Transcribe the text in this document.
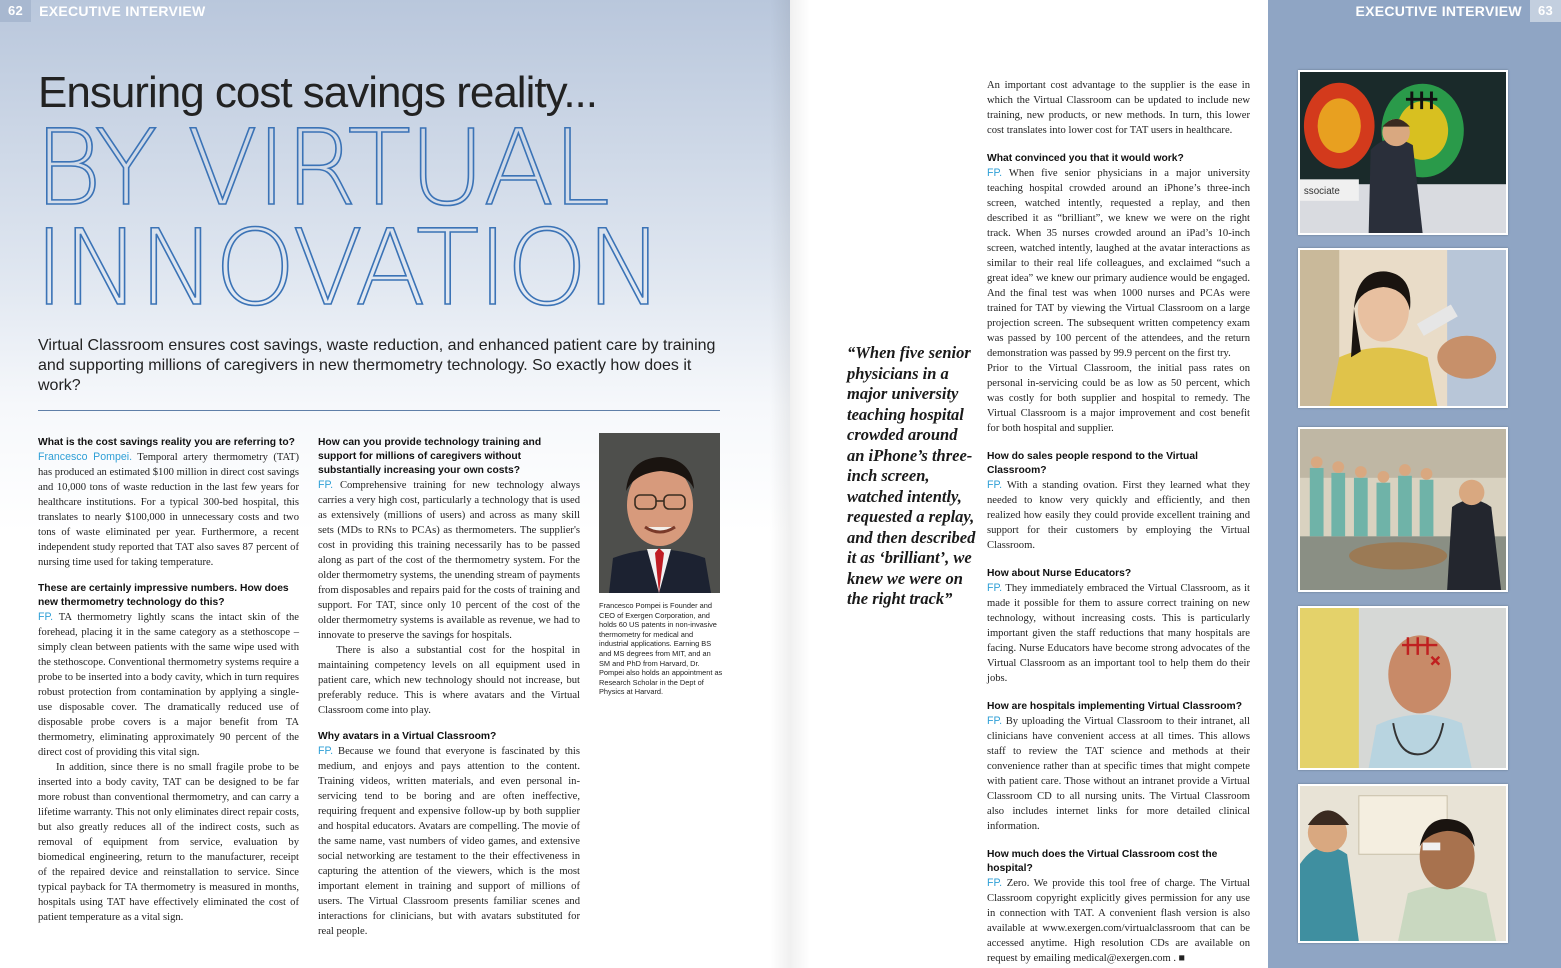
62	EXECUTIVE INTERVIEW	EXECUTIVE INTERVIEW	63
Ensuring cost savings reality...
BY VIRTUAL
INNOVATION
Virtual Classroom ensures cost savings, waste reduction, and enhanced patient care by training and supporting millions of caregivers in new thermometry technology. So exactly how does it work?

What is the cost savings reality you are referring to?

Francesco Pompei. Temporal artery thermometry (TAT) has produced an estimated $100 million in direct cost savings and 10,000 tons of waste reduction in the last few years for healthcare institutions. For a typical 300-bed hospital, this translates to nearly $100,000 in unnecessary costs and two tons of waste eliminated per year. Furthermore, a recent independent study reported that TAT also saves 87 percent of nursing time used for taking temperature.

These are certainly impressive numbers. How does new thermometry technology do this?

FP. TA thermometry lightly scans the intact skin of the forehead, placing it in the same category as a stethoscope – simply clean between patients with the same wipe used with the stethoscope. Conventional thermometry systems require a probe to be inserted into a body cavity, which in turn requires robust protection from contamination by applying a single-use disposable cover. The dramatically reduced use of disposable probe covers is a major benefit from TA thermometry, eliminating approximately 90 percent of the direct cost of providing this vital sign.

In addition, since there is no small fragile probe to be inserted into a body cavity, TAT can be designed to be far more robust than conventional thermometry, and can carry a lifetime warranty. This not only eliminates direct repair costs, but also greatly reduces all of the indirect costs, such as removal of equipment from service, evaluation by biomedical engineering, return to the manufacturer, receipt of the repaired device and reinstallation to service. Since typical payback for TA thermometry is measured in months, hospitals using TAT have effectively eliminated the cost of patient temperature as a vital sign.

How can you provide technology training and support for millions of caregivers without substantially increasing your own costs?

FP. Comprehensive training for new technology always carries a very high cost, particularly a technology that is used as extensively (millions of users) and across as many skill sets (MDs to RNs to PCAs) as thermometers. The supplier's cost in providing this training necessarily has to be passed along as part of the cost of the thermometry system. For the older thermometry systems, the unending stream of payments from disposables and repairs paid for the costs of training and support. For TAT, since only 10 percent of the cost of the older thermometry systems is available as revenue, we had to innovate to preserve the savings for hospitals.

There is also a substantial cost for the hospital in maintaining competency levels on all equipment used in patient care, which new technology should not increase, but preferably reduce. This is where avatars and the Virtual Classroom come into play.

Why avatars in a Virtual Classroom?

FP. Because we found that everyone is fascinated by this medium, and enjoys and pays attention to the content. Training videos, written materials, and even personal in-servicing tend to be boring and are often ineffective, requiring frequent and expensive follow-up by both supplier and hospital educators. Avatars are compelling. The movie of the same name, vast numbers of video games, and extensive social networking are testament to the their effectiveness in capturing the attention of the viewers, which is the most important element in training and support of millions of users. The Virtual Classroom presents familiar scenes and interactions for clinicians, but with avatars substituted for real people.

Francesco Pompei is Founder and CEO of Exergen Corporation, and holds 60 US patents in non-invasive thermometry for medical and industrial applications. Earning BS and MS degrees from MIT, and an SM and PhD from Harvard, Dr. Pompei also holds an appointment as Research Scholar in the Dept of Physics at Harvard.
“When five senior physicians in a major university teaching hospital crowded around an iPhone’s three-inch screen, watched intently, requested a replay, and then described it as ‘brilliant’, we knew we were on the right track”

An important cost advantage to the supplier is the ease in which the Virtual Classroom can be updated to include new training, new products, or new methods. In turn, this lower cost translates into lower cost for TAT users in healthcare.

What convinced you that it would work?

FP. When five senior physicians in a major university teaching hospital crowded around an iPhone’s three-inch screen, watched intently, requested a replay, and then described it as “brilliant”, we knew we were on the right track. When 35 nurses crowded around an iPad’s 10-inch screen, watched intently, laughed at the avatar interactions as similar to their real life colleagues, and exclaimed “such a great idea” we knew our primary audience would be engaged. And the final test was when 1000 nurses and PCAs were trained for TAT by viewing the Virtual Classroom on a large projection screen. The subsequent written competency exam was passed by 100 percent of the attendees, and the return demonstration was passed by 99.9 percent on the first try.

Prior to the Virtual Classroom, the initial pass rates on personal in-servicing could be as low as 50 percent, which was costly for both supplier and hospital to remedy. The Virtual Classroom is a major improvement and cost benefit for both hospital and supplier.

How do sales people respond to the Virtual Classroom?

FP. With a standing ovation. First they learned what they needed to know very quickly and efficiently, and then realized how easily they could provide excellent training and support for their customers by employing the Virtual Classroom.

How about Nurse Educators?

FP. They immediately embraced the Virtual Classroom, as it made it possible for them to assure correct training on new technology, without increasing costs. This is particularly important given the staff reductions that many hospitals are facing. Nurse Educators have become strong advocates of the Virtual Classroom as an important tool to help them do their jobs.

How are hospitals implementing Virtual Classroom?

FP. By uploading the Virtual Classroom to their intranet, all clinicians have convenient access at all times. This allows staff to review the TAT science and methods at their convenience rather than at specific times that might compete with patient care. Those without an intranet provide a Virtual Classroom CD to all nursing units. The Virtual Classroom also includes internet links for more detailed clinical information.

How much does the Virtual Classroom cost the hospital?

FP. Zero. We provide this tool free of charge. The Virtual Classroom copyright explicitly gives permission for any use in connection with TAT. A convenient flash version is also available at www.exergen.com/virtualclassroom that can be accessed anytime. High resolution CDs are available on request by emailing medical@exergen.com . ■

ssociate
